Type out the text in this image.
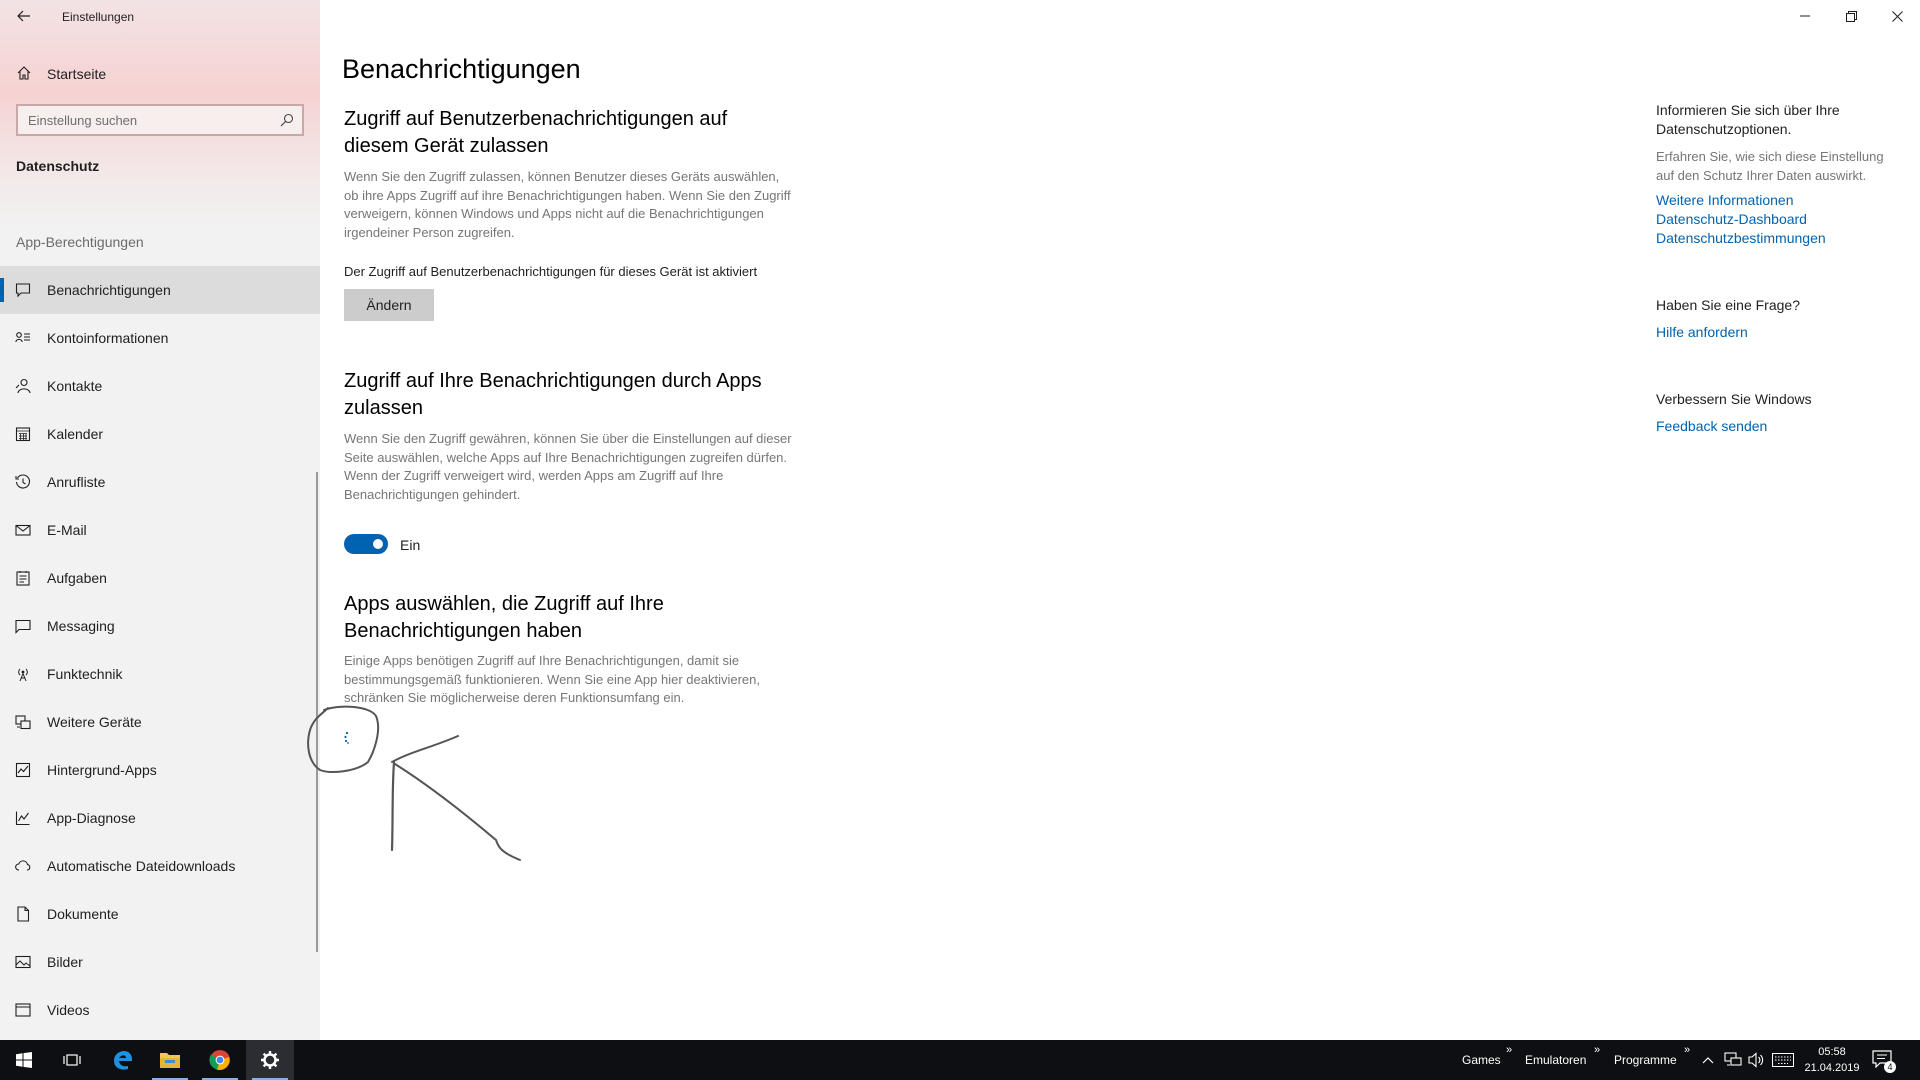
Einstellungen
Startseite
Einstellung suchen
Datenschutz
App-Berechtigungen
Benachrichtigungen
Kontoinformationen
Kontakte
Kalender
Anrufliste
E-Mail
Aufgaben
Messaging
Funktechnik
Weitere Geräte
Hintergrund-Apps
App-Diagnose
Automatische Dateidownloads
Dokumente
Bilder
Videos
Benachrichtigungen
Zugriff auf Benutzerbenachrichtigungen auf diesem Gerät zulassen
Wenn Sie den Zugriff zulassen, können Benutzer dieses Geräts auswählen, ob ihre Apps Zugriff auf ihre Benachrichtigungen haben. Wenn Sie den Zugriff verweigern, können Windows und Apps nicht auf die Benachrichtigungen irgendeiner Person zugreifen.
Der Zugriff auf Benutzerbenachrichtigungen für dieses Gerät ist aktiviert
Ändern
Zugriff auf Ihre Benachrichtigungen durch Apps zulassen
Wenn Sie den Zugriff gewähren, können Sie über die Einstellungen auf dieser Seite auswählen, welche Apps auf Ihre Benachrichtigungen zugreifen dürfen. Wenn der Zugriff verweigert wird, werden Apps am Zugriff auf Ihre Benachrichtigungen gehindert.
Ein
Apps auswählen, die Zugriff auf Ihre Benachrichtigungen haben
Einige Apps benötigen Zugriff auf Ihre Benachrichtigungen, damit sie bestimmungsgemäß funktionieren. Wenn Sie eine App hier deaktivieren, schränken Sie möglicherweise deren Funktionsumfang ein.
Informieren Sie sich über Ihre Datenschutzoptionen.
Erfahren Sie, wie sich diese Einstellung auf den Schutz Ihrer Daten auswirkt.
Weitere Informationen
Datenschutz-Dashboard
Datenschutzbestimmungen
Haben Sie eine Frage?
Hilfe anfordern
Verbessern Sie Windows
Feedback senden
Games
»
Emulatoren
»
Programme
»	05:58
21.04.2019	4
